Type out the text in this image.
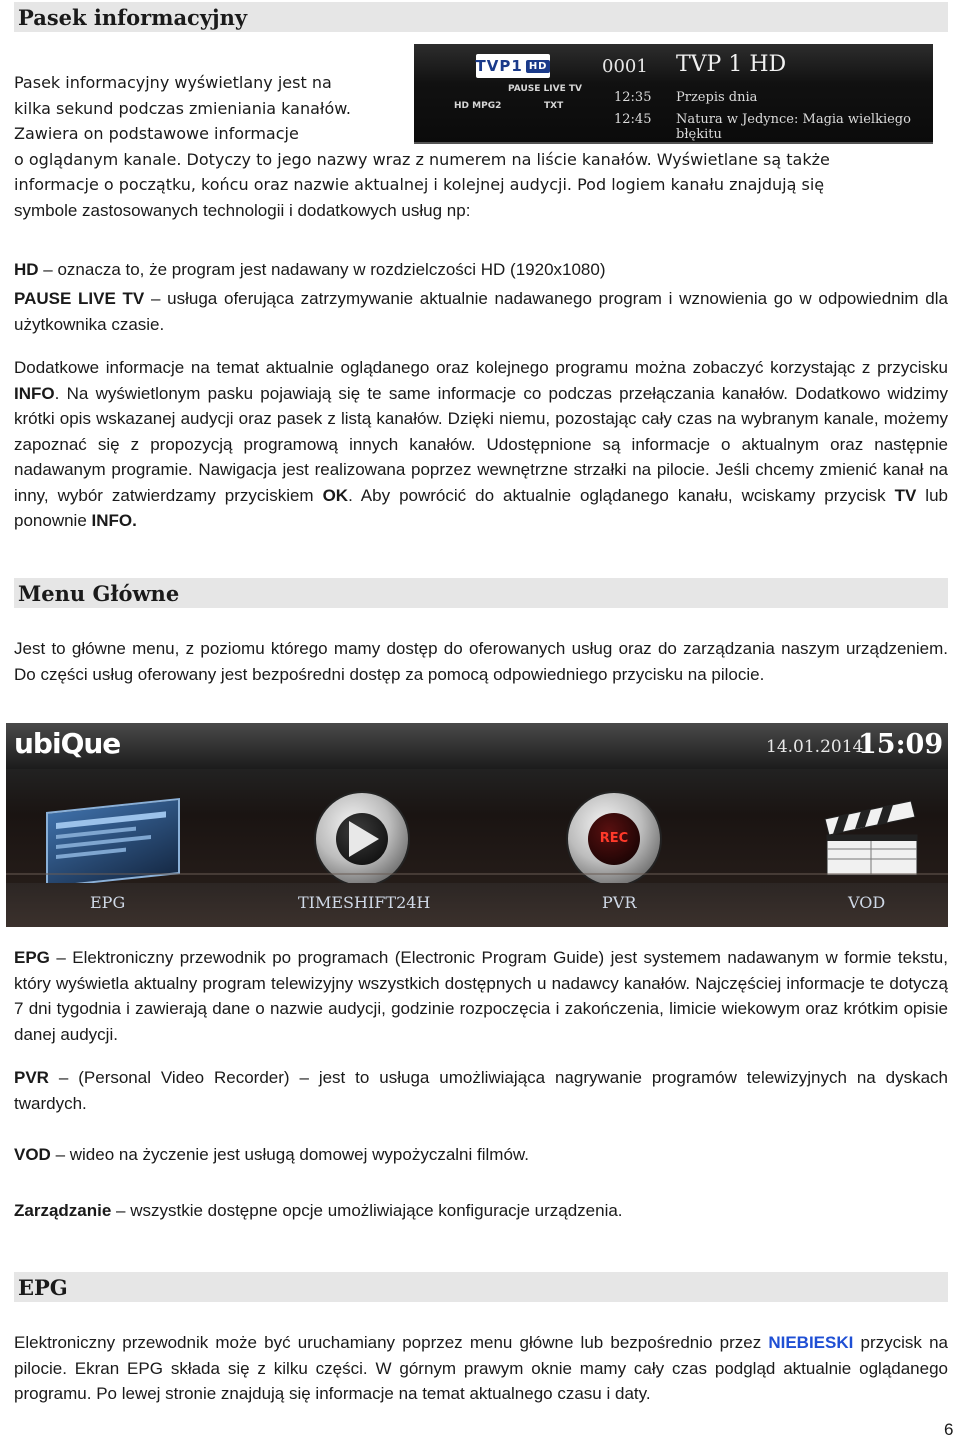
Pasek informacyjny
Pasek informacyjny wyświetlany jest na
kilka sekund podczas zmieniania kanałów.
Zawiera on podstawowe informacje
o oglądanym kanale. Dotyczy to jego nazwy wraz z numerem na liście kanałów. Wyświetlane są także
informacje o początku, końcu oraz nazwie aktualnej i kolejnej audycji. Pod logiem kanału znajdują się
symbole zastosowanych technologii i dodatkowych usług np:
TVP 1 HD
PAUSE LIVE TV
HD MPG2	TXT
0001 TVP 1 HD
12:35 Przepis dnia
12:45 Natura w Jedynce: Magia wielkiego błękitu

HD – oznacza to, że program jest nadawany w rozdzielczości HD (1920x1080)

PAUSE LIVE TV – usługa oferująca zatrzymywanie aktualnie nadawanego program i wznowienia go w odpowiednim dla użytkownika czasie.

Dodatkowe informacje na temat aktualnie oglądanego oraz kolejnego programu można zobaczyć korzystając z przycisku INFO. Na wyświetlonym pasku pojawiają się te same informacje co podczas przełączania kanałów. Dodatkowo widzimy krótki opis wskazanej audycji oraz pasek z listą kanałów. Dzięki niemu, pozostając cały czas na wybranym kanale, możemy zapoznać się z propozycją programową innych kanałów. Udostępnione są informacje o aktualnym oraz następnie nadawanym programie. Nawigacja jest realizowana poprzez wewnętrzne strzałki na pilocie. Jeśli chcemy zmienić kanał na inny, wybór zatwierdzamy przyciskiem OK. Aby powrócić do aktualnie oglądanego kanału, wciskamy przycisk TV lub ponownie INFO.

Menu Główne

Jest to główne menu, z poziomu którego mamy dostęp do oferowanych usług oraz do zarządzania naszym urządzeniem. Do części usług oferowany jest bezpośredni dostęp za pomocą odpowiedniego przycisku na pilocie.

ubiQue	14.01.2014
15:09
REC
EPG	TIMESHIFT24H	PVR	VOD

EPG – Elektroniczny przewodnik po programach (Electronic Program Guide) jest systemem nadawanym w formie tekstu, który wyświetla aktualny program telewizyjny wszystkich dostępnych u nadawcy kanałów. Najczęściej informacje te dotyczą 7 dni tygodnia i zawierają dane o nazwie audycji, godzinie rozpoczęcia i zakończenia, limicie wiekowym oraz krótkim opisie danej audycji.

PVR – (Personal Video Recorder) – jest to usługa umożliwiająca nagrywanie programów telewizyjnych na dyskach twardych.

VOD – wideo na życzenie jest usługą domowej wypożyczalni filmów.

Zarządzanie – wszystkie dostępne opcje umożliwiające konfiguracje urządzenia.

EPG

Elektroniczny przewodnik może być uruchamiany poprzez menu główne lub bezpośrednio przez NIEBIESKI przycisk na pilocie. Ekran EPG składa się z kilku części. W górnym prawym oknie mamy cały czas podgląd aktualnie oglądanego programu. Po lewej stronie znajdują się informacje na temat aktualnego czasu i daty.

6
